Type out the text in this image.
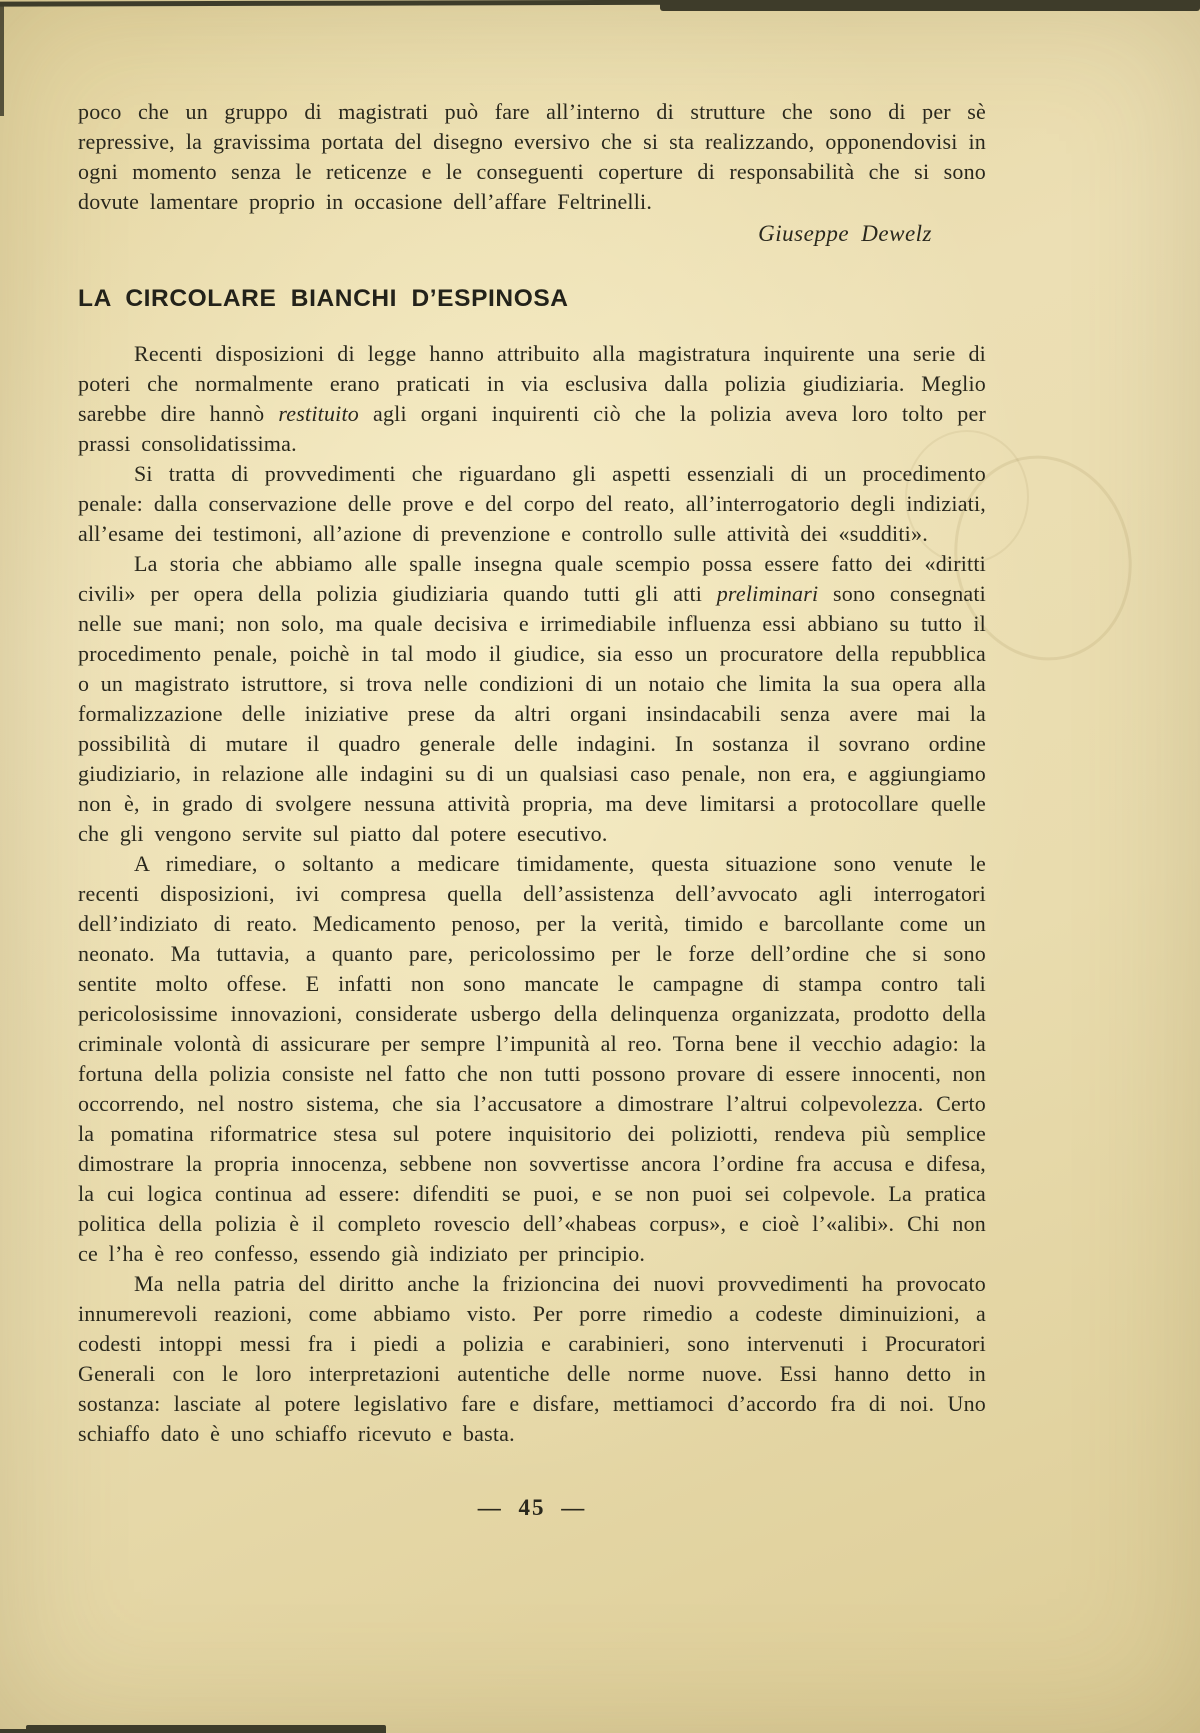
poco che un gruppo di magistrati può fare all’interno di strutture che sono di per sè repressive, la gravissima portata del disegno eversivo che si sta realizzando, opponendovisi in ogni momento senza le reticenze e le conseguenti coperture di responsabilità che si sono dovute lamentare proprio in occasione dell’affare Feltrinelli.

Giuseppe Dewelz

LA CIRCOLARE BIANCHI D’ESPINOSA

Recenti disposizioni di legge hanno attribuito alla magistratura inquirente una serie di poteri che normalmente erano praticati in via esclusiva dalla polizia giudiziaria. Meglio sarebbe dire hannò restituito agli organi inquirenti ciò che la polizia aveva loro tolto per prassi consolidatissima.

Si tratta di provvedimenti che riguardano gli aspetti essenziali di un procedimento penale: dalla conservazione delle prove e del corpo del reato, all’interrogatorio degli indiziati, all’esame dei testimoni, all’azione di prevenzione e controllo sulle attività dei «sudditi».

La storia che abbiamo alle spalle insegna quale scempio possa essere fatto dei «diritti civili» per opera della polizia giudiziaria quando tutti gli atti preliminari sono consegnati nelle sue mani; non solo, ma quale decisiva e irrimediabile influenza essi abbiano su tutto il procedimento penale, poichè in tal modo il giudice, sia esso un procuratore della repubblica o un magistrato istruttore, si trova nelle condizioni di un notaio che limita la sua opera alla formalizzazione delle iniziative prese da altri organi insindacabili senza avere mai la possibilità di mutare il quadro generale delle indagini. In sostanza il sovrano ordine giudiziario, in relazione alle indagini su di un qualsiasi caso penale, non era, e aggiungiamo non è, in grado di svolgere nessuna attività propria, ma deve limitarsi a protocollare quelle che gli vengono servite sul piatto dal potere esecutivo.

A rimediare, o soltanto a medicare timidamente, questa situazione sono venute le recenti disposizioni, ivi compresa quella dell’assistenza dell’avvocato agli interrogatori dell’indiziato di reato. Medicamento penoso, per la verità, timido e barcollante come un neonato. Ma tuttavia, a quanto pare, pericolossimo per le forze dell’ordine che si sono sentite molto offese. E infatti non sono mancate le campagne di stampa contro tali pericolosissime innovazioni, considerate usbergo della delinquenza organizzata, prodotto della criminale volontà di assicurare per sempre l’impunità al reo. Torna bene il vecchio adagio: la fortuna della polizia consiste nel fatto che non tutti possono provare di essere innocenti, non occorrendo, nel nostro sistema, che sia l’accusatore a dimostrare l’altrui colpevolezza. Certo la pomatina riformatrice stesa sul potere inquisitorio dei poliziotti, rendeva più semplice dimostrare la propria innocenza, sebbene non sovvertisse ancora l’ordine fra accusa e difesa, la cui logica continua ad essere: difenditi se puoi, e se non puoi sei colpevole. La pratica politica della polizia è il completo rovescio dell’«habeas corpus», e cioè l’«alibi». Chi non ce l’ha è reo confesso, essendo già indiziato per principio.

Ma nella patria del diritto anche la frizioncina dei nuovi provvedimenti ha provocato innumerevoli reazioni, come abbiamo visto. Per porre rimedio a codeste diminuizioni, a codesti intoppi messi fra i piedi a polizia e carabinieri, sono intervenuti i Procuratori Generali con le loro interpretazioni autentiche delle norme nuove. Essi hanno detto in sostanza: lasciate al potere legislativo fare e disfare, mettiamoci d’accordo fra di noi. Uno schiaffo dato è uno schiaffo ricevuto e basta.

— 45 —
